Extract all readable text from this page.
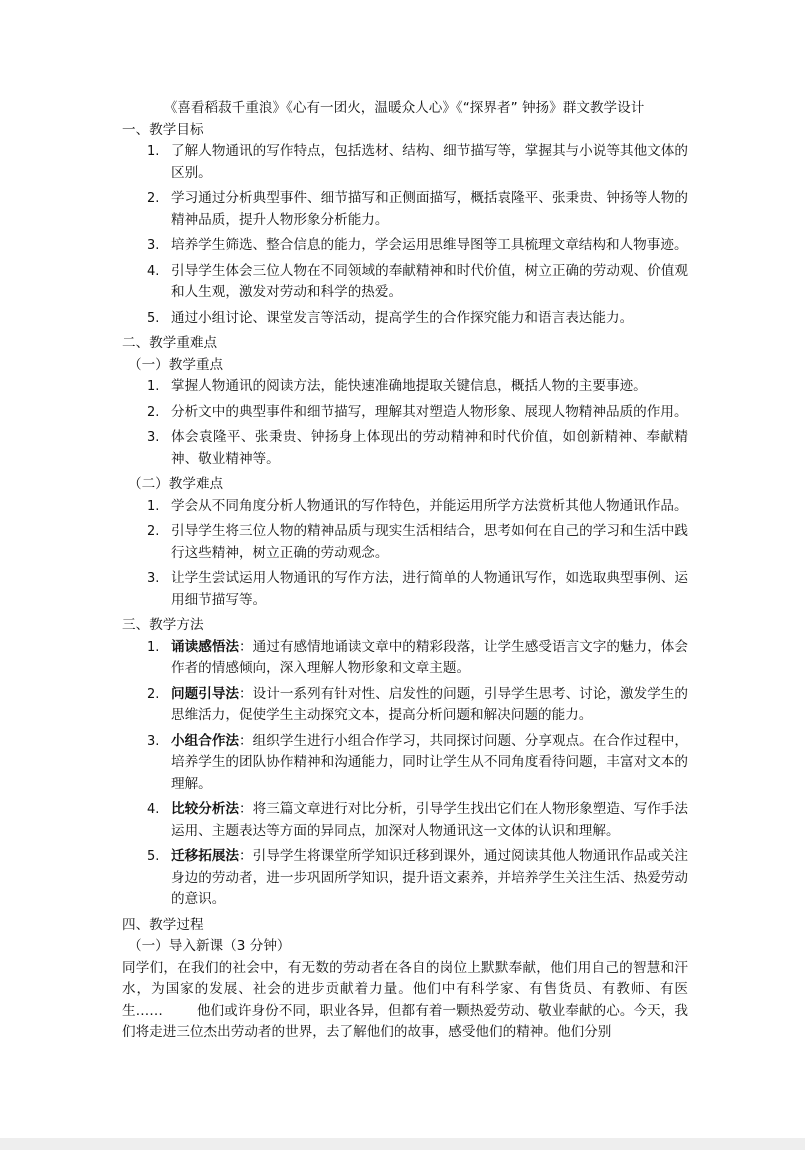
《喜看稻菽千重浪》《心有一团火，温暖众人心》《“探界者” 钟扬》群文教学设计
一、教学目标
1. 了解人物通讯的写作特点，包括选材、结构、细节描写等，掌握其与小说等其他文体的区别。
2. 学习通过分析典型事件、细节描写和正侧面描写，概括袁隆平、张秉贵、钟扬等人物的精神品质，提升人物形象分析能力。
3. 培养学生筛选、整合信息的能力，学会运用思维导图等工具梳理文章结构和人物事迹。
4. 引导学生体会三位人物在不同领域的奉献精神和时代价值，树立正确的劳动观、价值观和人生观，激发对劳动和科学的热爱。
5. 通过小组讨论、课堂发言等活动，提高学生的合作探究能力和语言表达能力。
二、教学重难点
（一）教学重点
1. 掌握人物通讯的阅读方法，能快速准确地提取关键信息，概括人物的主要事迹。
2. 分析文中的典型事件和细节描写，理解其对塑造人物形象、展现人物精神品质的作用。
3. 体会袁隆平、张秉贵、钟扬身上体现出的劳动精神和时代价值，如创新精神、奉献精神、敬业精神等。
（二）教学难点
1. 学会从不同角度分析人物通讯的写作特色，并能运用所学方法赏析其他人物通讯作品。
2. 引导学生将三位人物的精神品质与现实生活相结合，思考如何在自己的学习和生活中践行这些精神，树立正确的劳动观念。
3. 让学生尝试运用人物通讯的写作方法，进行简单的人物通讯写作，如选取典型事例、运用细节描写等。
三、教学方法
1. 诵读感悟法：通过有感情地诵读文章中的精彩段落，让学生感受语言文字的魅力，体会作者的情感倾向，深入理解人物形象和文章主题。
2. 问题引导法：设计一系列有针对性、启发性的问题，引导学生思考、讨论，激发学生的思维活力，促使学生主动探究文本，提高分析问题和解决问题的能力。
3. 小组合作法：组织学生进行小组合作学习，共同探讨问题、分享观点。在合作过程中，培养学生的团队协作精神和沟通能力，同时让学生从不同角度看待问题，丰富对文本的理解。
4. 比较分析法：将三篇文章进行对比分析，引导学生找出它们在人物形象塑造、写作手法运用、主题表达等方面的异同点，加深对人物通讯这一文体的认识和理解。
5. 迁移拓展法：引导学生将课堂所学知识迁移到课外，通过阅读其他人物通讯作品或关注身边的劳动者，进一步巩固所学知识，提升语文素养，并培养学生关注生活、热爱劳动的意识。
四、教学过程
（一）导入新课（3 分钟）
同学们，在我们的社会中，有无数的劳动者在各自的岗位上默默奉献，他们用自己的智慧和汗水，为国家的发展、社会的进步贡献着力量。他们中有科学家、有售货员、有教师、有医生……	他们或许身份不同，职业各异，但都有着一颗热爱劳动、敬业奉献的心。今天，我们将走进三位杰出劳动者的世界，去了解他们的故事，感受他们的精神。他们分别
